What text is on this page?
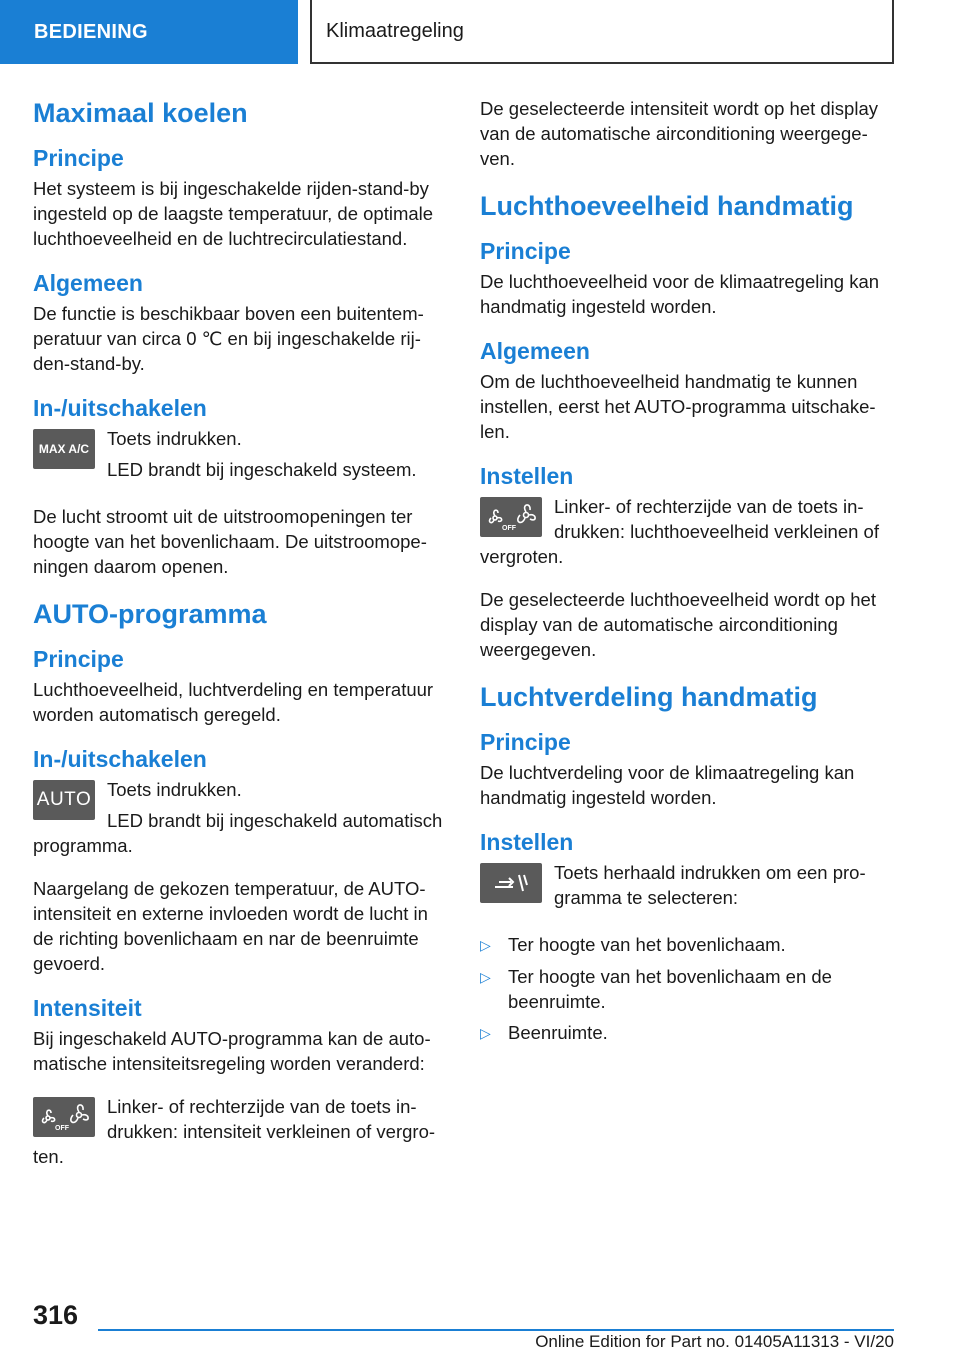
BEDIENING	Klimaatregeling
Maximaal koelen
Principe
Het systeem is bij ingeschakelde rijden-stand-by ingesteld op de laagste temperatuur, de optimale luchthoeveelheid en de luchtrecirculatiestand.
Algemeen
De functie is beschikbaar boven een buitentemperatuur van circa 0 ℃ en bij ingeschakelde rijden-stand-by.
In-/uitschakelen
MAX A/C Toets indrukken.
LED brandt bij ingeschakeld systeem.
De lucht stroomt uit de uitstroomopeningen ter hoogte van het bovenlichaam. De uitstroomopeningen daarom openen.
AUTO-programma
Principe
Luchthoeveelheid, luchtverdeling en temperatuur worden automatisch geregeld.
In-/uitschakelen
AUTO Toets indrukken.
LED brandt bij ingeschakeld automatisch programma.
Naargelang de gekozen temperatuur, de AUTO-intensiteit en externe invloeden wordt de lucht in de richting bovenlichaam en nar de beenruimte gevoerd.
Intensiteit
Bij ingeschakeld AUTO-programma kan de automatische intensiteitsregeling worden veranderd:
OFF
Linker- of rechterzijde van de toets indrukken: intensiteit verkleinen of vergroten.
De geselecteerde intensiteit wordt op het display van de automatische airconditioning weergegeven.
Luchthoeveelheid handmatig
Principe
De luchthoeveelheid voor de klimaatregeling kan handmatig ingesteld worden.
Algemeen
Om de luchthoeveelheid handmatig te kunnen instellen, eerst het AUTO-programma uitschakelen.
Instellen
OFF
Linker- of rechterzijde van de toets indrukken: luchthoeveelheid verkleinen of vergroten.
De geselecteerde luchthoeveelheid wordt op het display van de automatische airconditioning weergegeven.
Luchtverdeling handmatig
Principe
De luchtverdeling voor de klimaatregeling kan handmatig ingesteld worden.
Instellen
Toets herhaald indrukken om een programma te selecteren:
▷ Ter hoogte van het bovenlichaam.
▷ Ter hoogte van het bovenlichaam en de beenruimte.
▷ Beenruimte.
316
Online Edition for Part no. 01405A11313 - VI/20
